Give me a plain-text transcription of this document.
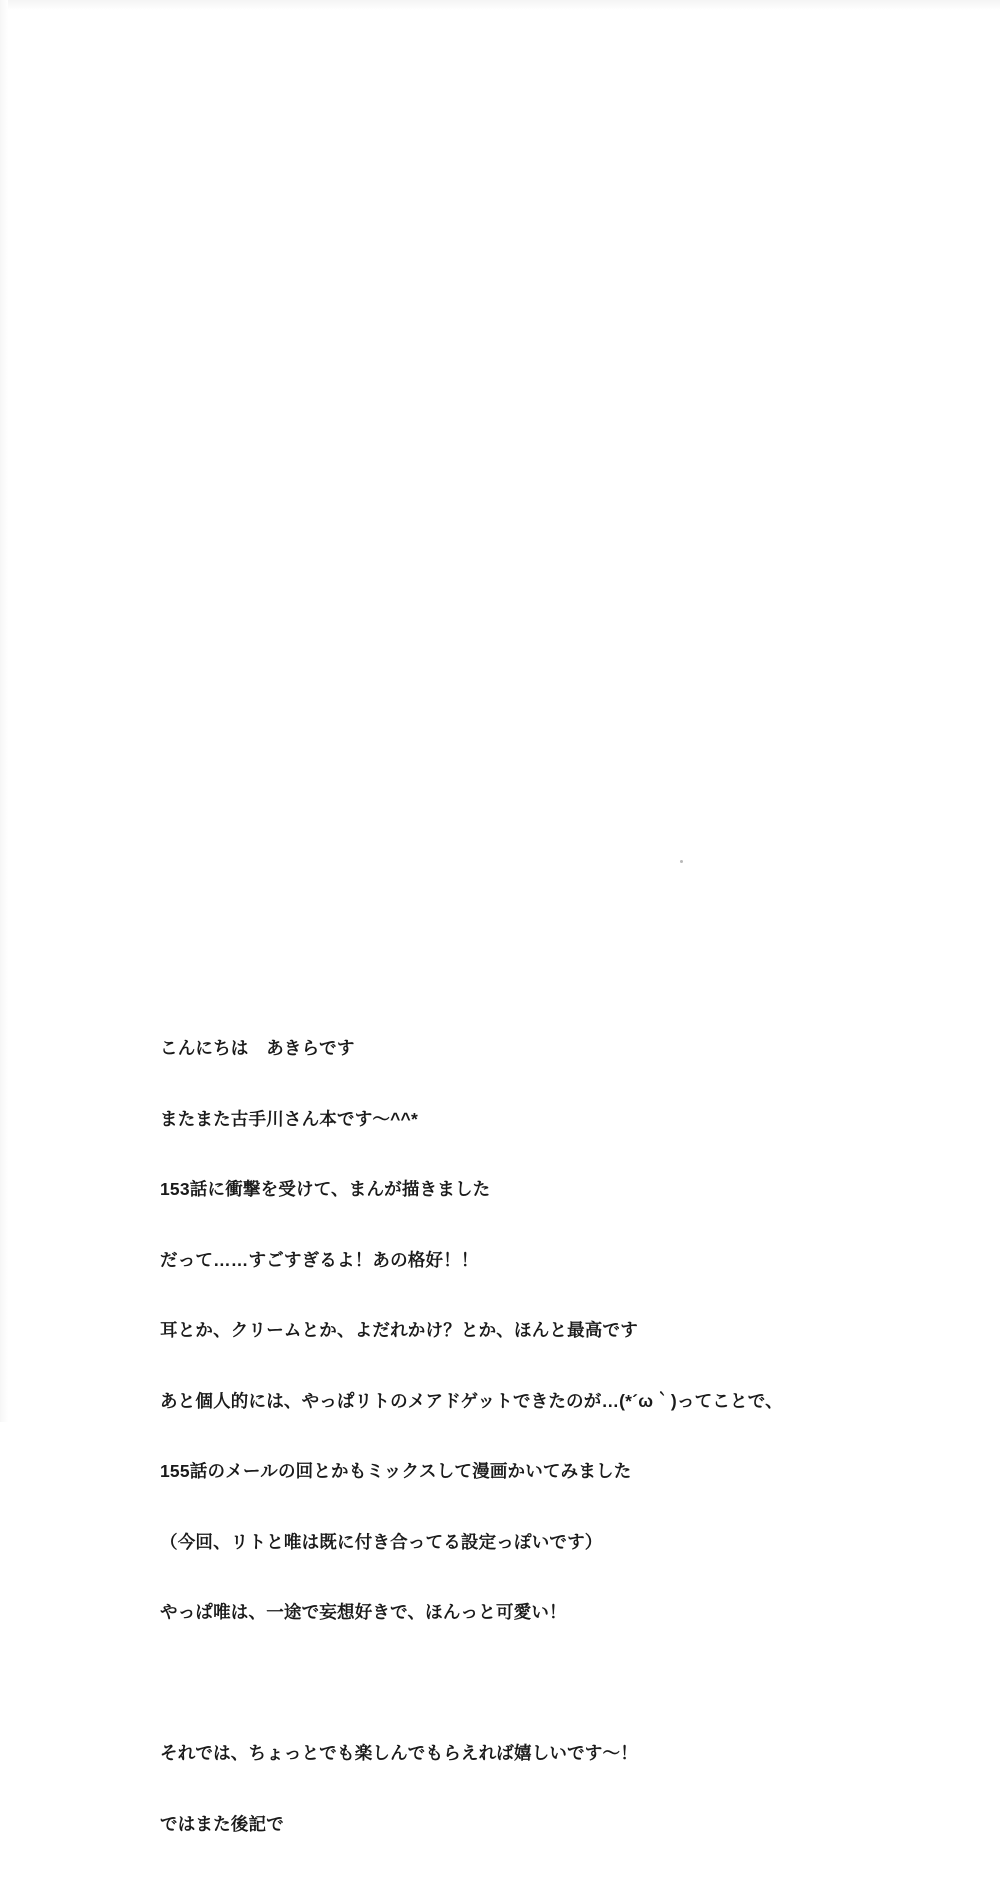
こんにちは　あきらです

またまた古手川さん本です～^^*

153話に衝撃を受けて、まんが描きました

だって……すごすぎるよ！あの格好！！

耳とか、クリームとか、よだれかけ？とか、ほんと最高です

あと個人的には、やっぱリトのメアドゲットできたのが…(*´ω｀)ってことで、

155話のメールの回とかもミックスして漫画かいてみました

（今回、リトと唯は既に付き合ってる設定っぽいです）

やっぱ唯は、一途で妄想好きで、ほんっと可愛い！

それでは、ちょっとでも楽しんでもらえれば嬉しいです～！

ではまた後記で
